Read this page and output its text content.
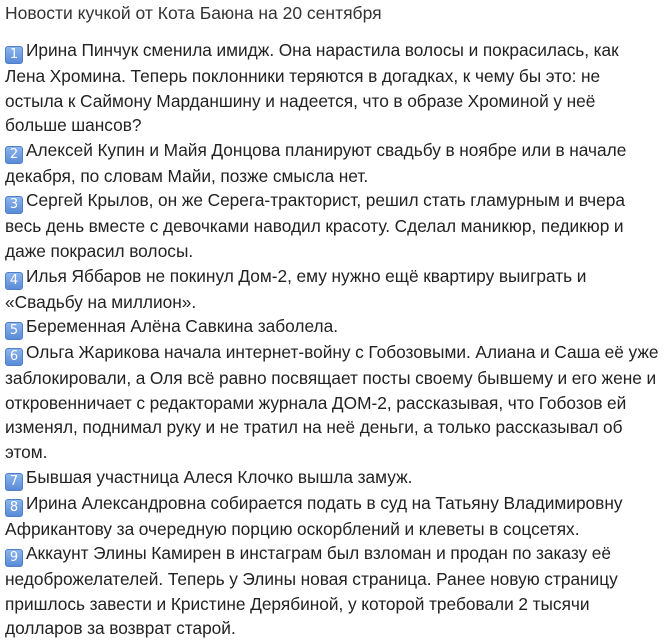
Новости кучкой от Кота Баюна на 20 сентября
1 Ирина Пинчук сменила имидж. Она нарастила волосы и покрасилась, как Лена Хромина. Теперь поклонники теряются в догадках, к чему бы это: не остыла к Саймону Марданшину и надеется, что в образе Хроминой у неё больше шансов?
2 Алексей Купин и Майя Донцова планируют свадьбу в ноябре или в начале декабря, по словам Майи, позже смысла нет.
3 Сергей Крылов, он же Серега-тракторист, решил стать гламурным и вчера весь день вместе с девочками наводил красоту. Сделал маникюр, педикюр и даже покрасил волосы.
4 Илья Яббаров не покинул Дом-2, ему нужно ещё квартиру выиграть и «Свадьбу на миллион».
5 Беременная Алёна Савкина заболела.
6 Ольга Жарикова начала интернет-войну с Гобозовыми. Алиана и Саша её уже заблокировали, а Оля всё равно посвящает посты своему бывшему и его жене и откровенничает с редакторами журнала ДОМ-2, рассказывая, что Гобозов ей изменял, поднимал руку и не тратил на неё деньги, а только рассказывал об этом.
7 Бывшая участница Алеся Клочко вышла замуж.
8 Ирина Александровна собирается подать в суд на Татьяну Владимировну Африкантову за очередную порцию оскорблений и клеветы в соцсетях.
9 Аккаунт Элины Камирен в инстаграм был взломан и продан по заказу её недоброжелателей. Теперь у Элины новая страница. Ранее новую страницу пришлось завести и Кристине Дерябиной, у которой требовали 2 тысячи долларов за возврат старой.
